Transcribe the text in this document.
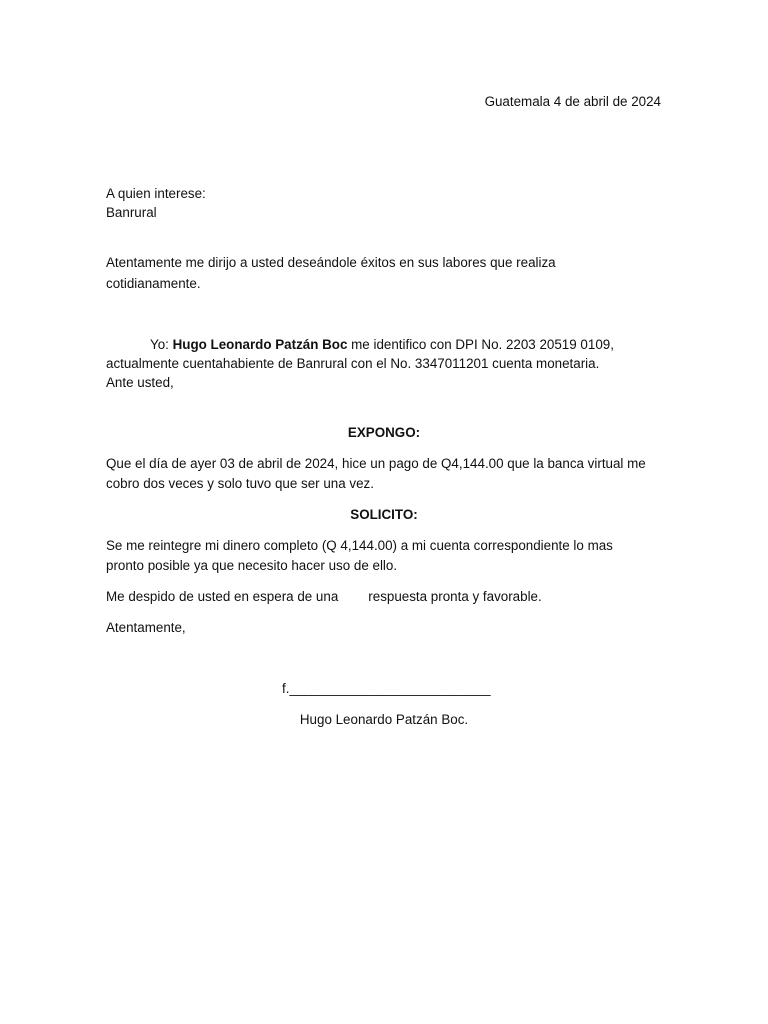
Guatemala 4 de abril de 2024
A quien interese:
Banrural
Atentamente me dirijo a usted deseándole éxitos en sus labores que realiza
cotidianamente.
Yo: Hugo Leonardo Patzán Boc me identifico con DPI No. 2203 20519 0109,
actualmente cuentahabiente de Banrural con el No. 3347011201 cuenta monetaria.
Ante usted,
EXPONGO:
Que el día de ayer 03 de abril de 2024, hice un pago de Q4,144.00 que la banca virtual me
cobro dos veces y solo tuvo que ser una vez.
SOLICITO:
Se me reintegre mi dinero completo (Q 4,144.00) a mi cuenta correspondiente lo mas
pronto posible ya que necesito hacer uso de ello.
Me despido de usted en espera de una respuesta pronta y favorable.
Atentamente,
f.___________________________
Hugo Leonardo Patzán Boc.
